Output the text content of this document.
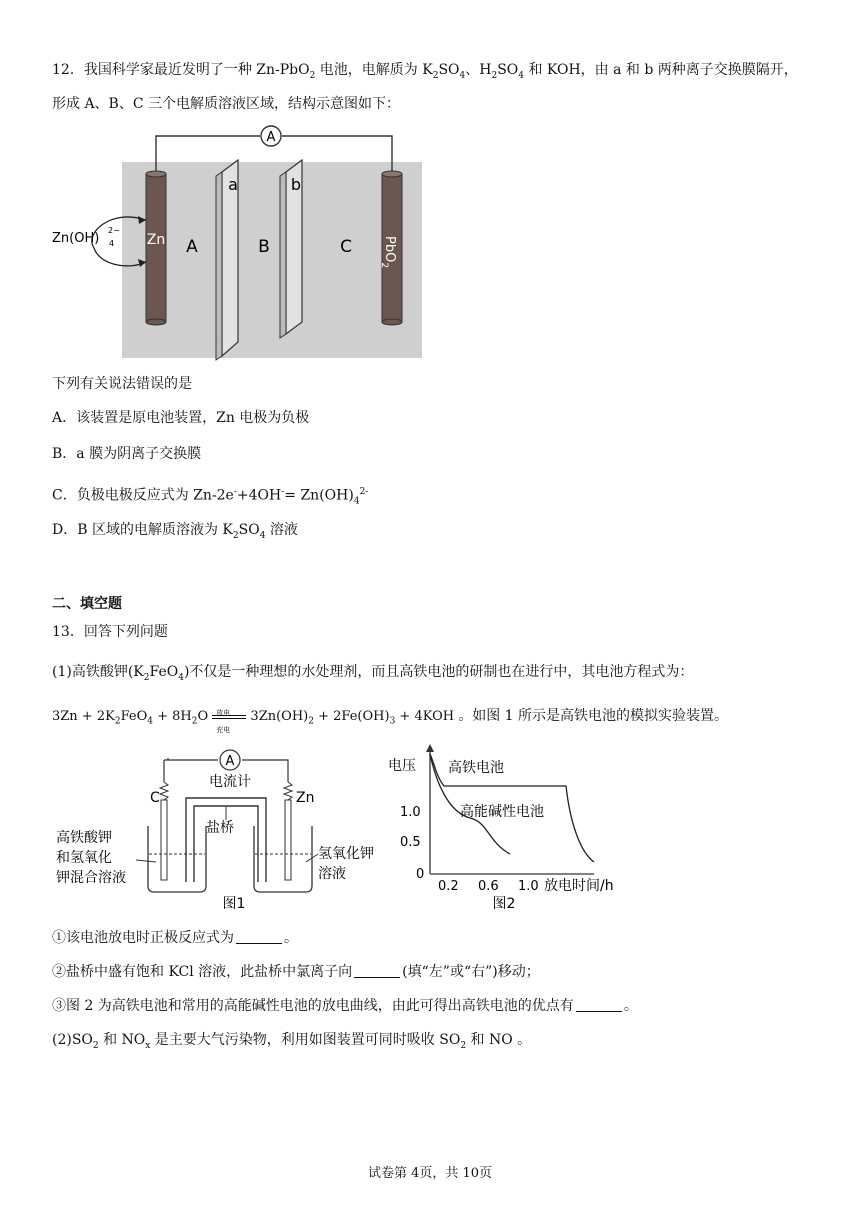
12．我国科学家最近发明了一种 Zn-PbO$_2$ 电池，电解质为 $K_2SO_4$、$H_2SO_4$ 和 KOH，由 a 和 b 两种离子交换膜隔开，
形成 A、B、C 三个电解质溶液区域，结构示意图如下：
A
Zn	PbO$_2$
a	b
A	B	C
Zn(OH) 4
2−
下列有关说法错误的是
A．该装置是原电池装置，Zn 电极为负极
B．a 膜为阴离子交换膜
C．负极电极反应式为 $Zn-2e^-+4OH^-= Zn(OH)_4^{2-}$
D．B 区域的电解质溶液为 $K_2SO_4$ 溶液
二、填空题
13．回答下列问题
(1)高铁酸钾$(K_2FeO_4)$不仅是一种理想的水处理剂，而且高铁电池的研制也在进行中，其电池方程式为：
$3Zn + 2K_2FeO_4 + 8H_2O$ 放电
充电
$3Zn(OH)_2 + 2Fe(OH)_3 + 4KOH$ 。如图 1 所示是高铁电池的模拟实验装置。
A
电流计
C	Zn
盐桥
高铁酸钾
和氢氧化
钾混合溶液
氢氧化钾
溶液
图1
电压
1.0
0.5
0
0.2 0.6 1.0 放电时间/h
高铁电池
高能碱性电池
图2
①该电池放电时正极反应式为	。
②盐桥中盛有饱和 KCl 溶液，此盐桥中氯离子向	(填“左”或“右”)移动；
③图 2 为高铁电池和常用的高能碱性电池的放电曲线，由此可得出高铁电池的优点有	。
$(2)SO_2$ 和 $NO_x$ 是主要大气污染物，利用如图装置可同时吸收 $SO_2$ 和 NO 。
试卷第 4页，共 10页
